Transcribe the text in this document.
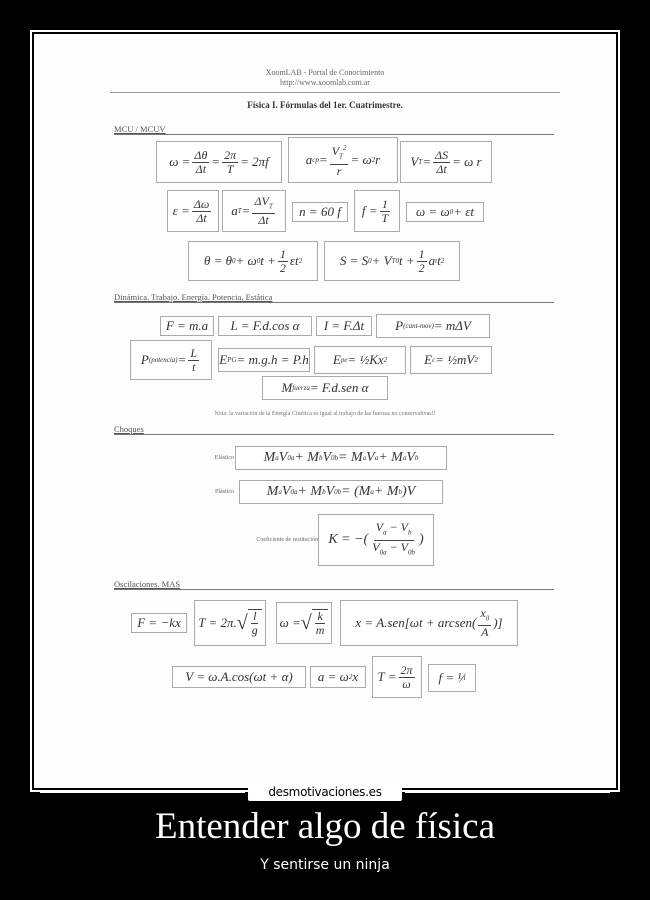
XoomLAB - Portal de Conocimiento
http://www.xoomlab.com.ar
Física I. Fórmulas del 1er. Cuatrimestre.
MCU / MCUV
$\omega = \frac{\Delta\theta}{\Delta t} = \frac{2\pi}{T} = 2\pi f$	a cp = $\frac{V_T^2}{r} = \omega$ 2 r	V $T = \frac{\Delta S}{\Delta t} = \omega$ r
$\varepsilon = \frac{\Delta\omega}{\Delta t}$	a $T = \frac{\Delta V_T}{\Delta t}$	n = 60 f	$f = \frac{1}{T}$	ω = ω 0 + εt
θ = θ 0 + ω 0 $t + \frac{1}{2}$ εt 2	S = S 0 + V T0 $t + \frac{1}{2}$ a t t 2
Dinámica. Trabajo. Energía. Potencia. Estática
F = m.a	L = F.d.cos α	I = F.Δt	P (cant-mov) = mΔV
P (potencia) = $\frac{L}{t}$ E PG = m.g.h = P.h	E pe = ½Kx 2	E c = ½mV 2
M fuerza = F.d.sen α
Nota: la variación de la Energía Cinética es igual al trabajo de las fuerzas no conservativas!!
Choques
Elástico	M a V 0a + M b V 0b = M a V a + M a V b
Plástico	M a V 0a + M b V 0b = (M a + M b )V
Coeficiente de restitución K = −( $\frac{V_a - V_b}{V_{0a} - V_{0b}}$ )
Oscilaciones. MAS
F = −kx	T = 2π. √ $\frac{l}{g}$ ω = √ $\frac{k}{m}$	x = A.sen[ωt + arcsen( $\frac{x_0}{A}$ )]
V = ω.A.cos(ωt + α)	a = ω 2 x	$T = \frac{2\pi}{\omega}$	f = ¹⁄ t
desmotivaciones.es
Entender algo de física
Y sentirse un ninja
